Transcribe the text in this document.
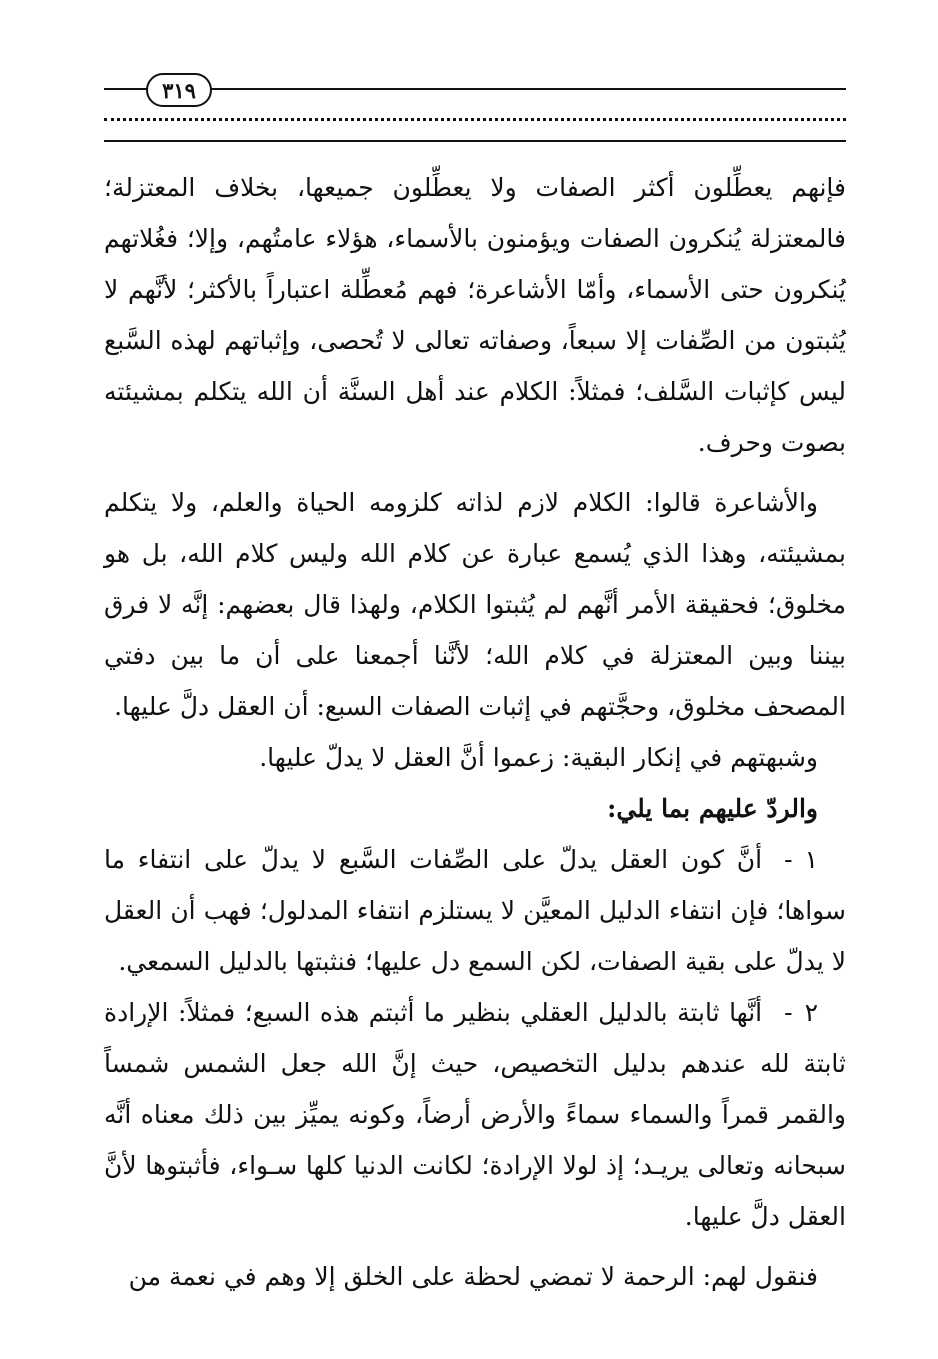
٣١٩

فإنهم يعطِّلون أكثر الصفات ولا يعطِّلون جميعها، بخلاف المعتزلة؛ فالمعتزلة يُنكرون الصفات ويؤمنون بالأسماء، هؤلاء عامتُهم، وإلا؛ فغُلاتهم يُنكرون حتى الأسماء، وأمّا الأشاعرة؛ فهم مُعطِّلة اعتباراً بالأكثر؛ لأنَّهم لا يُثبتون من الصِّفات إلا سبعاً، وصفاته تعالى لا تُحصى، وإثباتهم لهذه السَّبع ليس كإثبات السَّلف؛ فمثلاً: الكلام عند أهل السنَّة أن الله يتكلم بمشيئته بصوت وحرف.

والأشاعرة قالوا: الكلام لازم لذاته كلزومه الحياة والعلم، ولا يتكلم بمشيئته، وهذا الذي يُسمع عبارة عن كلام الله وليس كلام الله، بل هو مخلوق؛ فحقيقة الأمر أنَّهم لم يُثبتوا الكلام، ولهذا قال بعضهم: إنَّه لا فرق بيننا وبين المعتزلة في كلام الله؛ لأنَّنا أجمعنا على أن ما بين دفتي المصحف مخلوق، وحجَّتهم في إثبات الصفات السبع: أن العقل دلَّ عليها.

وشبهتهم في إنكار البقية: زعموا أنَّ العقل لا يدلّ عليها.

والردّ عليهم بما يلي:

١-أنَّ كون العقل يدلّ على الصِّفات السَّبع لا يدلّ على انتفاء ما سواها؛ فإن انتفاء الدليل المعيَّن لا يستلزم انتفاء المدلول؛ فهب أن العقل لا يدلّ على بقية الصفات، لكن السمع دل عليها؛ فنثبتها بالدليل السمعي.

٢-أنَّها ثابتة بالدليل العقلي بنظير ما أثبتم هذه السبع؛ فمثلاً: الإرادة ثابتة لله عندهم بدليل التخصيص، حيث إنَّ الله جعل الشمس شمساً والقمر قمراً والسماء سماءً والأرض أرضاً، وكونه يميِّز بين ذلك معناه أنَّه سبحانه وتعالى يريـد؛ إذ لولا الإرادة؛ لكانت الدنيا كلها سـواء، فأثبتوها لأنَّ العقل دلَّ عليها.

فنقول لهم: الرحمة لا تمضي لحظة على الخلق إلا وهم في نعمة من
